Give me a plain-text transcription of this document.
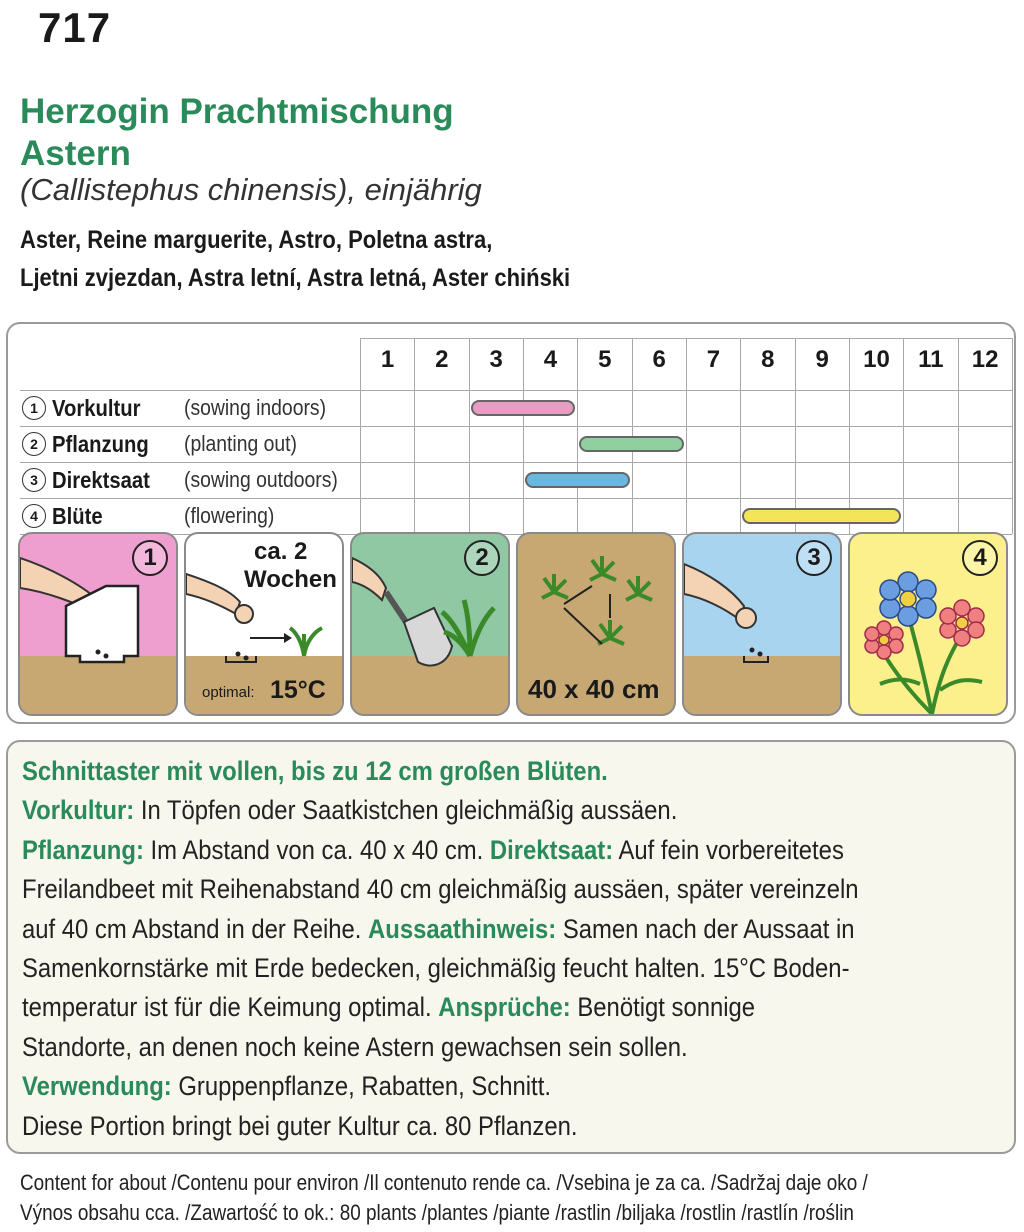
717
Herzogin Prachtmischung
Astern
(Callistephus chinensis), einjährig
Aster, Reine marguerite, Astro, Poletna astra,
Ljetni zvjezdan, Astra letní, Astra letná, Aster chiński
1	2	3	4	5	6	7	8	9	10	11	12
1 Vorkultur (sowing indoors)
2 Pflanzung (planting out)
3 Direktsaat (sowing outdoors)
4 Blüte	(flowering)
1	ca. 2
Wochen
optimal: 15°C
2
40 x 40 cm
3	4

Schnittaster mit vollen, bis zu 12 cm großen Blüten.

Vorkultur: In Töpfen oder Saatkistchen gleichmäßig aussäen.

Pflanzung: Im Abstand von ca. 40 x 40 cm. Direktsaat: Auf fein vorbereitetes

Freilandbeet mit Reihenabstand 40 cm gleichmäßig aussäen, später vereinzeln

auf 40 cm Abstand in der Reihe. Aussaathinweis: Samen nach der Aussaat in

Samenkornstärke mit Erde bedecken, gleichmäßig feucht halten. 15°C Boden-

temperatur ist für die Keimung optimal. Ansprüche: Benötigt sonnige

Standorte, an denen noch keine Astern gewachsen sein sollen.

Verwendung: Gruppenpflanze, Rabatten, Schnitt.

Diese Portion bringt bei guter Kultur ca. 80 Pflanzen.

Content for about /Contenu pour environ /Il contenuto rende ca. /Vsebina je za ca. /Sadržaj daje oko /
Výnos obsahu cca. /Zawartość to ok.: 80 plants /plantes /piante /rastlin /biljaka /rostlin /rastlín /roślin
